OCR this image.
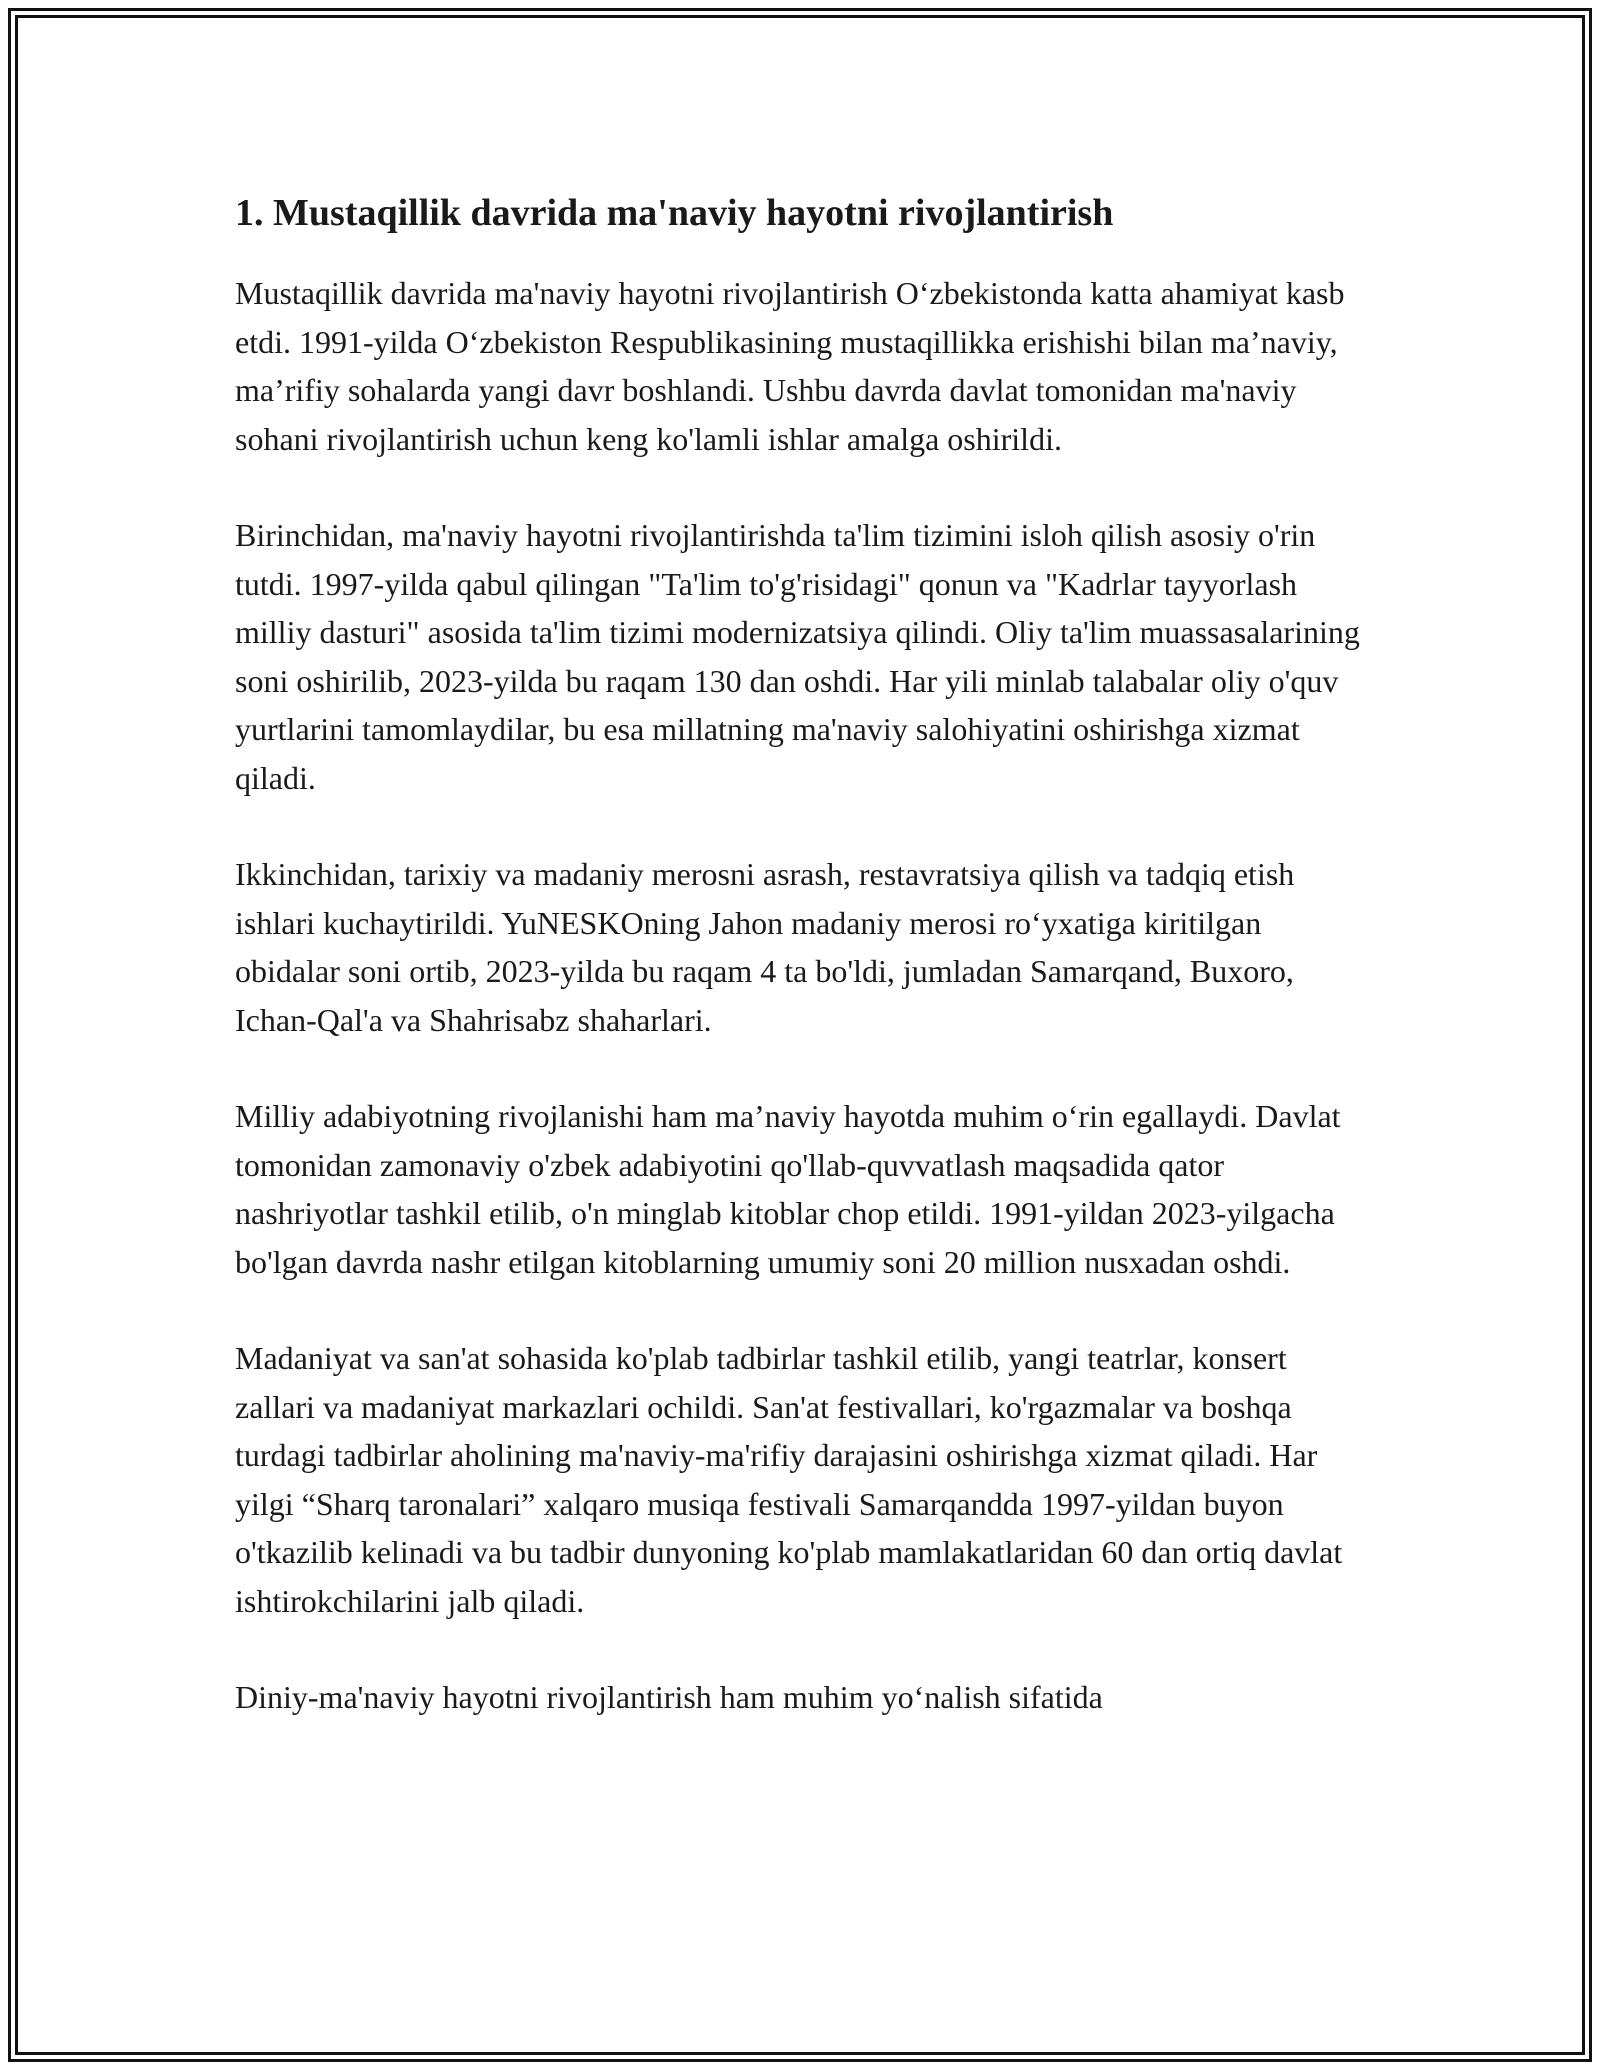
1. Mustaqillik davrida ma'naviy hayotni rivojlantirish

Mustaqillik davrida ma'naviy hayotni rivojlantirish O‘zbekistonda katta ahamiyat kasb etdi. 1991-yilda O‘zbekiston Respublikasining mustaqillikka erishishi bilan ma’naviy, ma’rifiy sohalarda yangi davr boshlandi. Ushbu davrda davlat tomonidan ma'naviy sohani rivojlantirish uchun keng ko'lamli ishlar amalga oshirildi.

Birinchidan, ma'naviy hayotni rivojlantirishda ta'lim tizimini isloh qilish asosiy o'rin tutdi. 1997-yilda qabul qilingan "Ta'lim to'g'risidagi" qonun va "Kadrlar tayyorlash milliy dasturi" asosida ta'lim tizimi modernizatsiya qilindi. Oliy ta'lim muassasalarining soni oshirilib, 2023-yilda bu raqam 130 dan oshdi. Har yili minlab talabalar oliy o'quv yurtlarini tamomlaydilar, bu esa millatning ma'naviy salohiyatini oshirishga xizmat qiladi.

Ikkinchidan, tarixiy va madaniy merosni asrash, restavratsiya qilish va tadqiq etish ishlari kuchaytirildi. YuNESKOning Jahon madaniy merosi ro‘yxatiga kiritilgan obidalar soni ortib, 2023-yilda bu raqam 4 ta bo'ldi, jumladan Samarqand, Buxoro, Ichan-Qal'a va Shahrisabz shaharlari.

Milliy adabiyotning rivojlanishi ham ma’naviy hayotda muhim o‘rin egallaydi. Davlat tomonidan zamonaviy o'zbek adabiyotini qo'llab-quvvatlash maqsadida qator nashriyotlar tashkil etilib, o'n minglab kitoblar chop etildi. 1991-yildan 2023-yilgacha bo'lgan davrda nashr etilgan kitoblarning umumiy soni 20 million nusxadan oshdi.

Madaniyat va san'at sohasida ko'plab tadbirlar tashkil etilib, yangi teatrlar, konsert zallari va madaniyat markazlari ochildi. San'at festivallari, ko'rgazmalar va boshqa turdagi tadbirlar aholining ma'naviy-ma'rifiy darajasini oshirishga xizmat qiladi. Har yilgi “Sharq taronalari” xalqaro musiqa festivali Samarqandda 1997-yildan buyon o'tkazilib kelinadi va bu tadbir dunyoning ko'plab mamlakatlaridan 60 dan ortiq davlat ishtirokchilarini jalb qiladi.

Diniy-ma'naviy hayotni rivojlantirish ham muhim yo‘nalish sifatida
